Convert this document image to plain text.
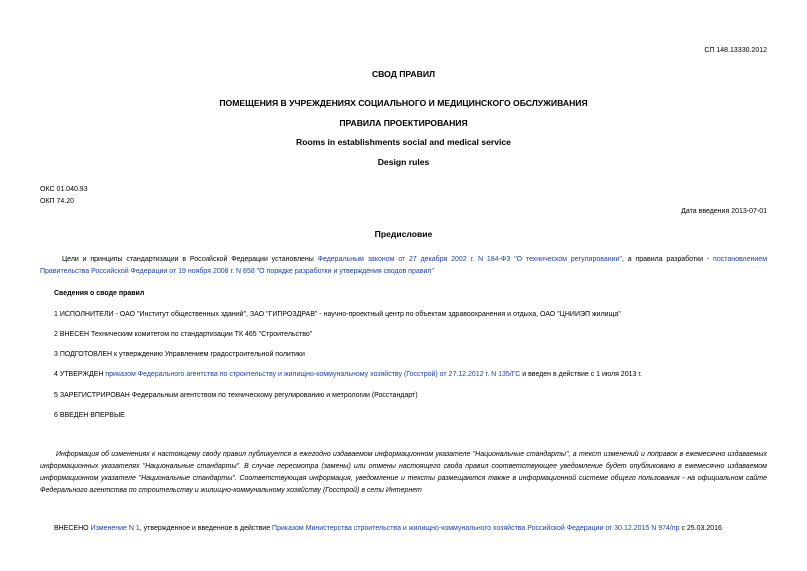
СП 148.13330.2012
СВОД ПРАВИЛ
ПОМЕЩЕНИЯ В УЧРЕЖДЕНИЯХ СОЦИАЛЬНОГО И МЕДИЦИНСКОГО ОБСЛУЖИВАНИЯ
ПРАВИЛА ПРОЕКТИРОВАНИЯ
Rooms in establishments social and medical service
Design rules
ОКС 01.040.93
ОКП 74.20
Дата введения 2013-07-01
Предисловие
Цели и принципы стандартизации в Российской Федерации установлены Федеральным законом от 27 декабря 2002 г. N 184-ФЗ "О техническом регулировании", а правила разработки - постановлением Правительства Российской Федерации от 19 ноября 2008 г. N 858 "О порядке разработки и утверждения сводов правил"
Сведения о своде правил
1 ИСПОЛНИТЕЛИ - ОАО "Институт общественных зданий", ЗАО "ГИПРОЗДРАВ" - научно-проектный центр по объектам здравоохранения и отдыха, ОАО "ЦНИИЭП жилища"
2 ВНЕСЕН Техническим комитетом по стандартизации ТК 465 "Строительство"
3 ПОДГОТОВЛЕН к утверждению Управлением градостроительной политики
4 УТВЕРЖДЕН приказом Федерального агентства по строительству и жилищно-коммунальному хозяйству (Госстрой) от 27.12.2012 г. N 135/ГС и введен в действие с 1 июля 2013 г.
5 ЗАРЕГИСТРИРОВАН Федеральным агентством по техническому регулированию и метрологии (Росстандарт)
6 ВВЕДЕН ВПЕРВЫЕ
Информация об изменениях к настоящему своду правил публикуется в ежегодно издаваемом информационном указателе "Национальные стандарты", а текст изменений и поправок в ежемесячно издаваемых информационных указателях "Национальные стандарты". В случае пересмотра (замены) или отмены настоящего свода правил соответствующее уведомление будет опубликовано в ежемесячно издаваемом информационном указателе "Национальные стандарты". Соответствующая информация, уведомление и тексты размещаются также в информационной системе общего пользования - на официальном сайте Федерального агентства по строительству и жилищно-коммунальному хозяйству (Госстрой) в сети Интернет
ВНЕСЕНО Изменение N 1, утвержденное и введенное в действие Приказом Министерства строительства и жилищно-коммунального хозяйства Российской Федерации от 30.12.2015 N 974/пр с 25.03.2016
